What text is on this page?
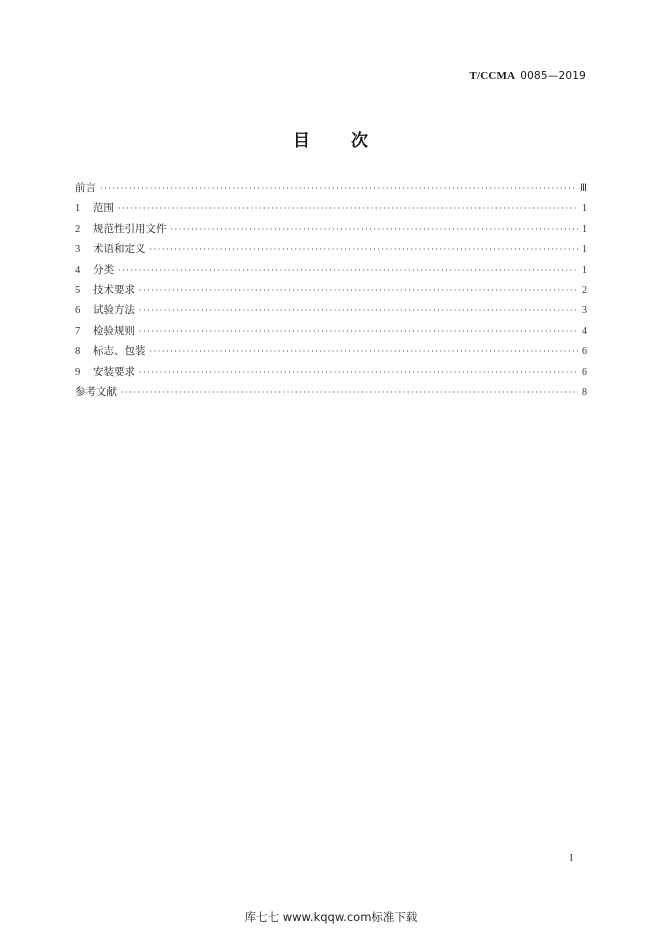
T/CCMA 0085—2019
目 次
前言 ·····	Ⅲ
1	范围 ·····	1
2	规范性引用文件 ·····	1
3	术语和定义 ·····	1
4	分类 ·····	1
5	技术要求 ·····	2
6	试验方法 ·····	3
7	检验规则 ·····	4
8	标志、包装 ·····	6
9	安装要求 ·····	6
参考文献 ·····	8
I
库七七 www.kqqw.com标准下载
